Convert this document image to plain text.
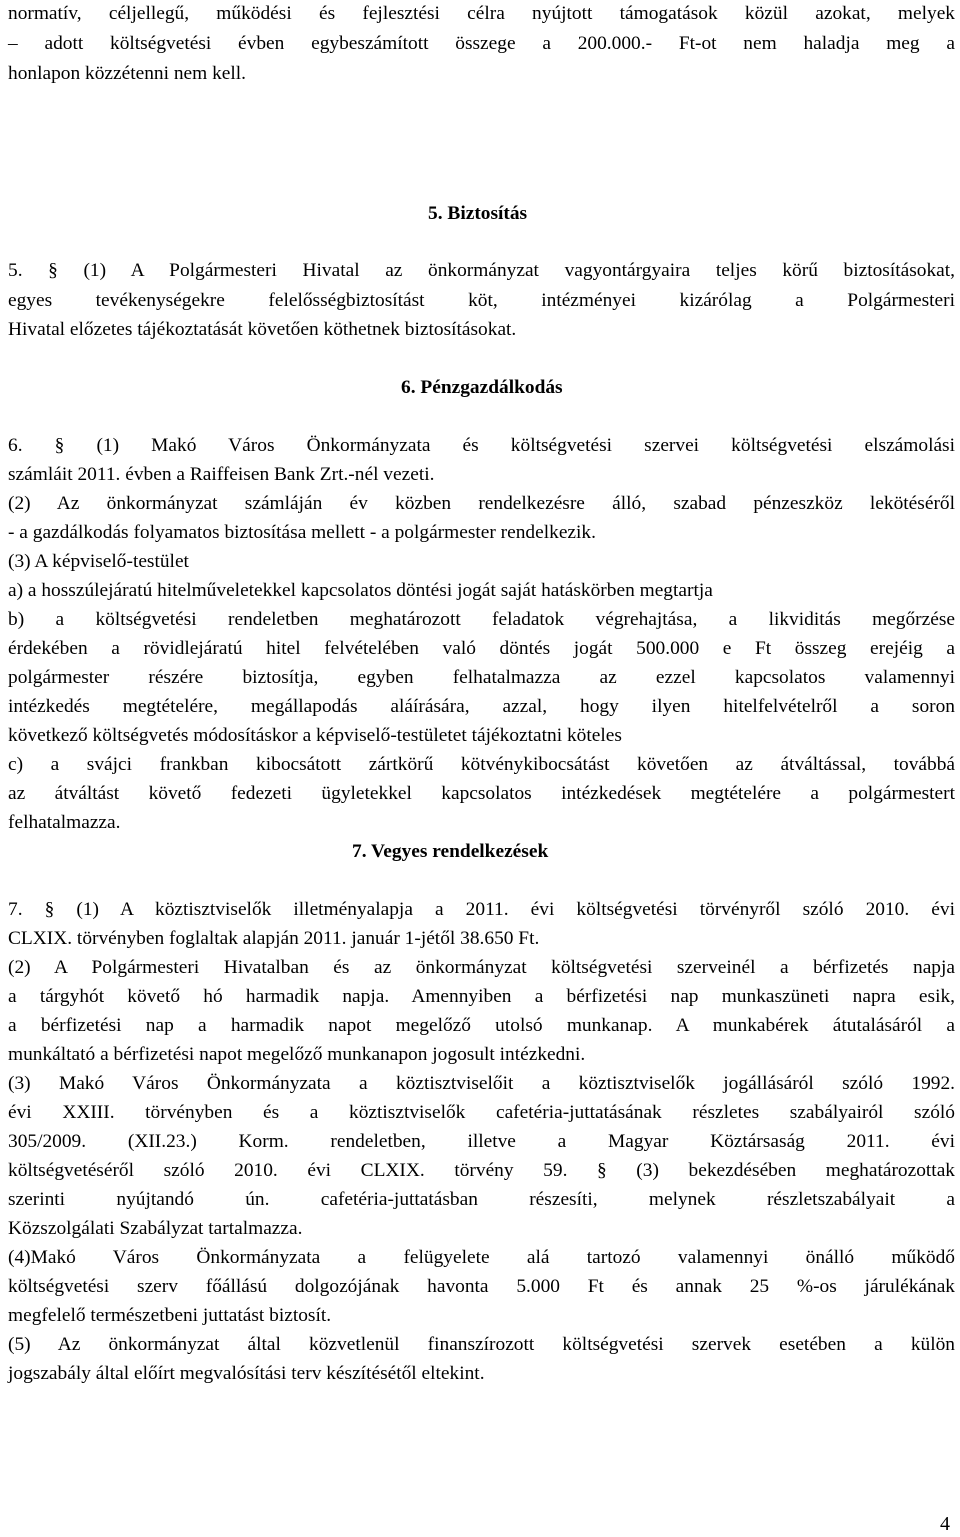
normatív, céljellegű, működési és fejlesztési célra nyújtott támogatások közül azokat, melyek
– adott költségvetési évben egybeszámított összege a 200.000.- Ft-ot nem haladja meg a
honlapon közzétenni nem kell.
5. Biztosítás
5. § (1) A Polgármesteri Hivatal az önkormányzat vagyontárgyaira teljes körű biztosításokat,
egyes tevékenységekre felelősségbiztosítást köt, intézményei kizárólag a Polgármesteri
Hivatal előzetes tájékoztatását követően köthetnek biztosításokat.
6. Pénzgazdálkodás
6. § (1) Makó Város Önkormányzata és költségvetési szervei költségvetési elszámolási
számláit 2011. évben a Raiffeisen Bank Zrt.-nél vezeti.
(2) Az önkormányzat számláján év közben rendelkezésre álló, szabad pénzeszköz lekötéséről
- a gazdálkodás folyamatos biztosítása mellett - a polgármester rendelkezik.
(3) A képviselő-testület
a) a hosszúlejáratú hitelműveletekkel kapcsolatos döntési jogát saját hatáskörben megtartja
b) a költségvetési rendeletben meghatározott feladatok végrehajtása, a likviditás megőrzése
érdekében a rövidlejáratú hitel felvételében való döntés jogát 500.000 e Ft összeg erejéig a
polgármester részére biztosítja, egyben felhatalmazza az ezzel kapcsolatos valamennyi
intézkedés megtételére, megállapodás aláírására, azzal, hogy ilyen hitelfelvételről a soron
következő költségvetés módosításkor a képviselő-testületet tájékoztatni köteles
c) a svájci frankban kibocsátott zártkörű kötvénykibocsátást követően az átváltással, továbbá
az átváltást követő fedezeti ügyletekkel kapcsolatos intézkedések megtételére a polgármestert
felhatalmazza.
7. Vegyes rendelkezések
7. § (1) A köztisztviselők illetményalapja a 2011. évi költségvetési törvényről szóló 2010. évi
CLXIX. törvényben foglaltak alapján 2011. január 1-jétől 38.650 Ft.
(2) A Polgármesteri Hivatalban és az önkormányzat költségvetési szerveinél a bérfizetés napja
a tárgyhót követő hó harmadik napja. Amennyiben a bérfizetési nap munkaszüneti napra esik,
a bérfizetési nap a harmadik napot megelőző utolsó munkanap. A munkabérek átutalásáról a
munkáltató a bérfizetési napot megelőző munkanapon jogosult intézkedni.
(3) Makó Város Önkormányzata a köztisztviselőit a köztisztviselők jogállásáról szóló 1992.
évi XXIII. törvényben és a köztisztviselők cafetéria-juttatásának részletes szabályairól szóló
305/2009. (XII.23.) Korm. rendeletben, illetve a Magyar Köztársaság 2011. évi
költségvetéséről szóló 2010. évi CLXIX. törvény 59. § (3) bekezdésében meghatározottak
szerinti nyújtandó ún. cafetéria-juttatásban részesíti, melynek részletszabályait a
Közszolgálati Szabályzat tartalmazza.
(4)Makó Város Önkormányzata a felügyelete alá tartozó valamennyi önálló működő
költségvetési szerv főállású dolgozójának havonta 5.000 Ft és annak 25 %-os járulékának
megfelelő természetbeni juttatást biztosít.
(5) Az önkormányzat által közvetlenül finanszírozott költségvetési szervek esetében a külön
jogszabály által előírt megvalósítási terv készítésétől eltekint.
4
